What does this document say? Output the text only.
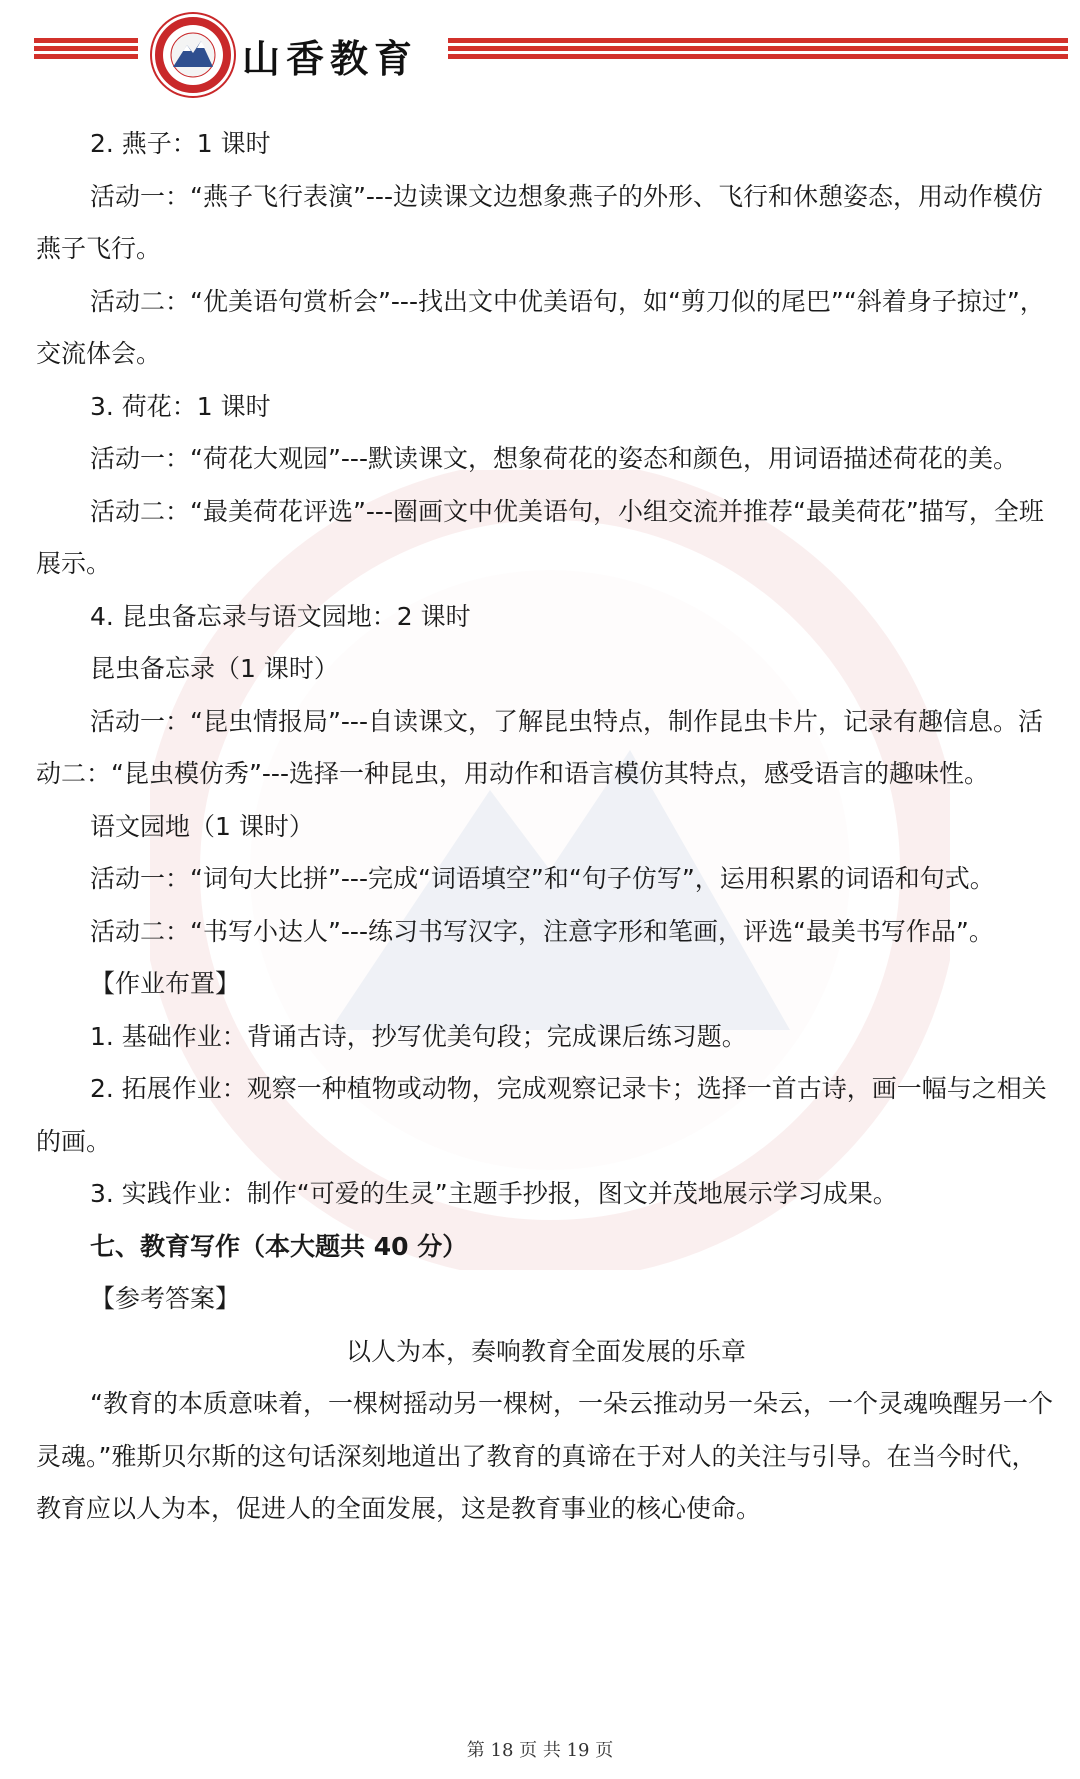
山香教育

2. 燕子：1 课时

活动一：“燕子飞行表演”---边读课文边想象燕子的外形、飞行和休憩姿态，用动作模仿燕子飞行。

活动二：“优美语句赏析会”---找出文中优美语句，如“剪刀似的尾巴”“斜着身子掠过”，交流体会。

3. 荷花：1 课时

活动一：“荷花大观园”---默读课文，想象荷花的姿态和颜色，用词语描述荷花的美。

活动二：“最美荷花评选”---圈画文中优美语句，小组交流并推荐“最美荷花”描写，全班展示。

4. 昆虫备忘录与语文园地：2 课时

昆虫备忘录（1 课时）

活动一：“昆虫情报局”---自读课文，了解昆虫特点，制作昆虫卡片，记录有趣信息。活动二：“昆虫模仿秀”---选择一种昆虫，用动作和语言模仿其特点，感受语言的趣味性。

语文园地（1 课时）

活动一：“词句大比拼”---完成“词语填空”和“句子仿写”，运用积累的词语和句式。

活动二：“书写小达人”---练习书写汉字，注意字形和笔画，评选“最美书写作品”。

【作业布置】

1. 基础作业：背诵古诗，抄写优美句段；完成课后练习题。

2. 拓展作业：观察一种植物或动物，完成观察记录卡；选择一首古诗，画一幅与之相关的画。

3. 实践作业：制作“可爱的生灵”主题手抄报，图文并茂地展示学习成果。

七、教育写作（本大题共 40 分）

【参考答案】

以人为本，奏响教育全面发展的乐章

“教育的本质意味着，一棵树摇动另一棵树，一朵云推动另一朵云，一个灵魂唤醒另一个灵魂。”雅斯贝尔斯的这句话深刻地道出了教育的真谛在于对人的关注与引导。在当今时代，教育应以人为本，促进人的全面发展，这是教育事业的核心使命。

第 18 页 共 19 页
